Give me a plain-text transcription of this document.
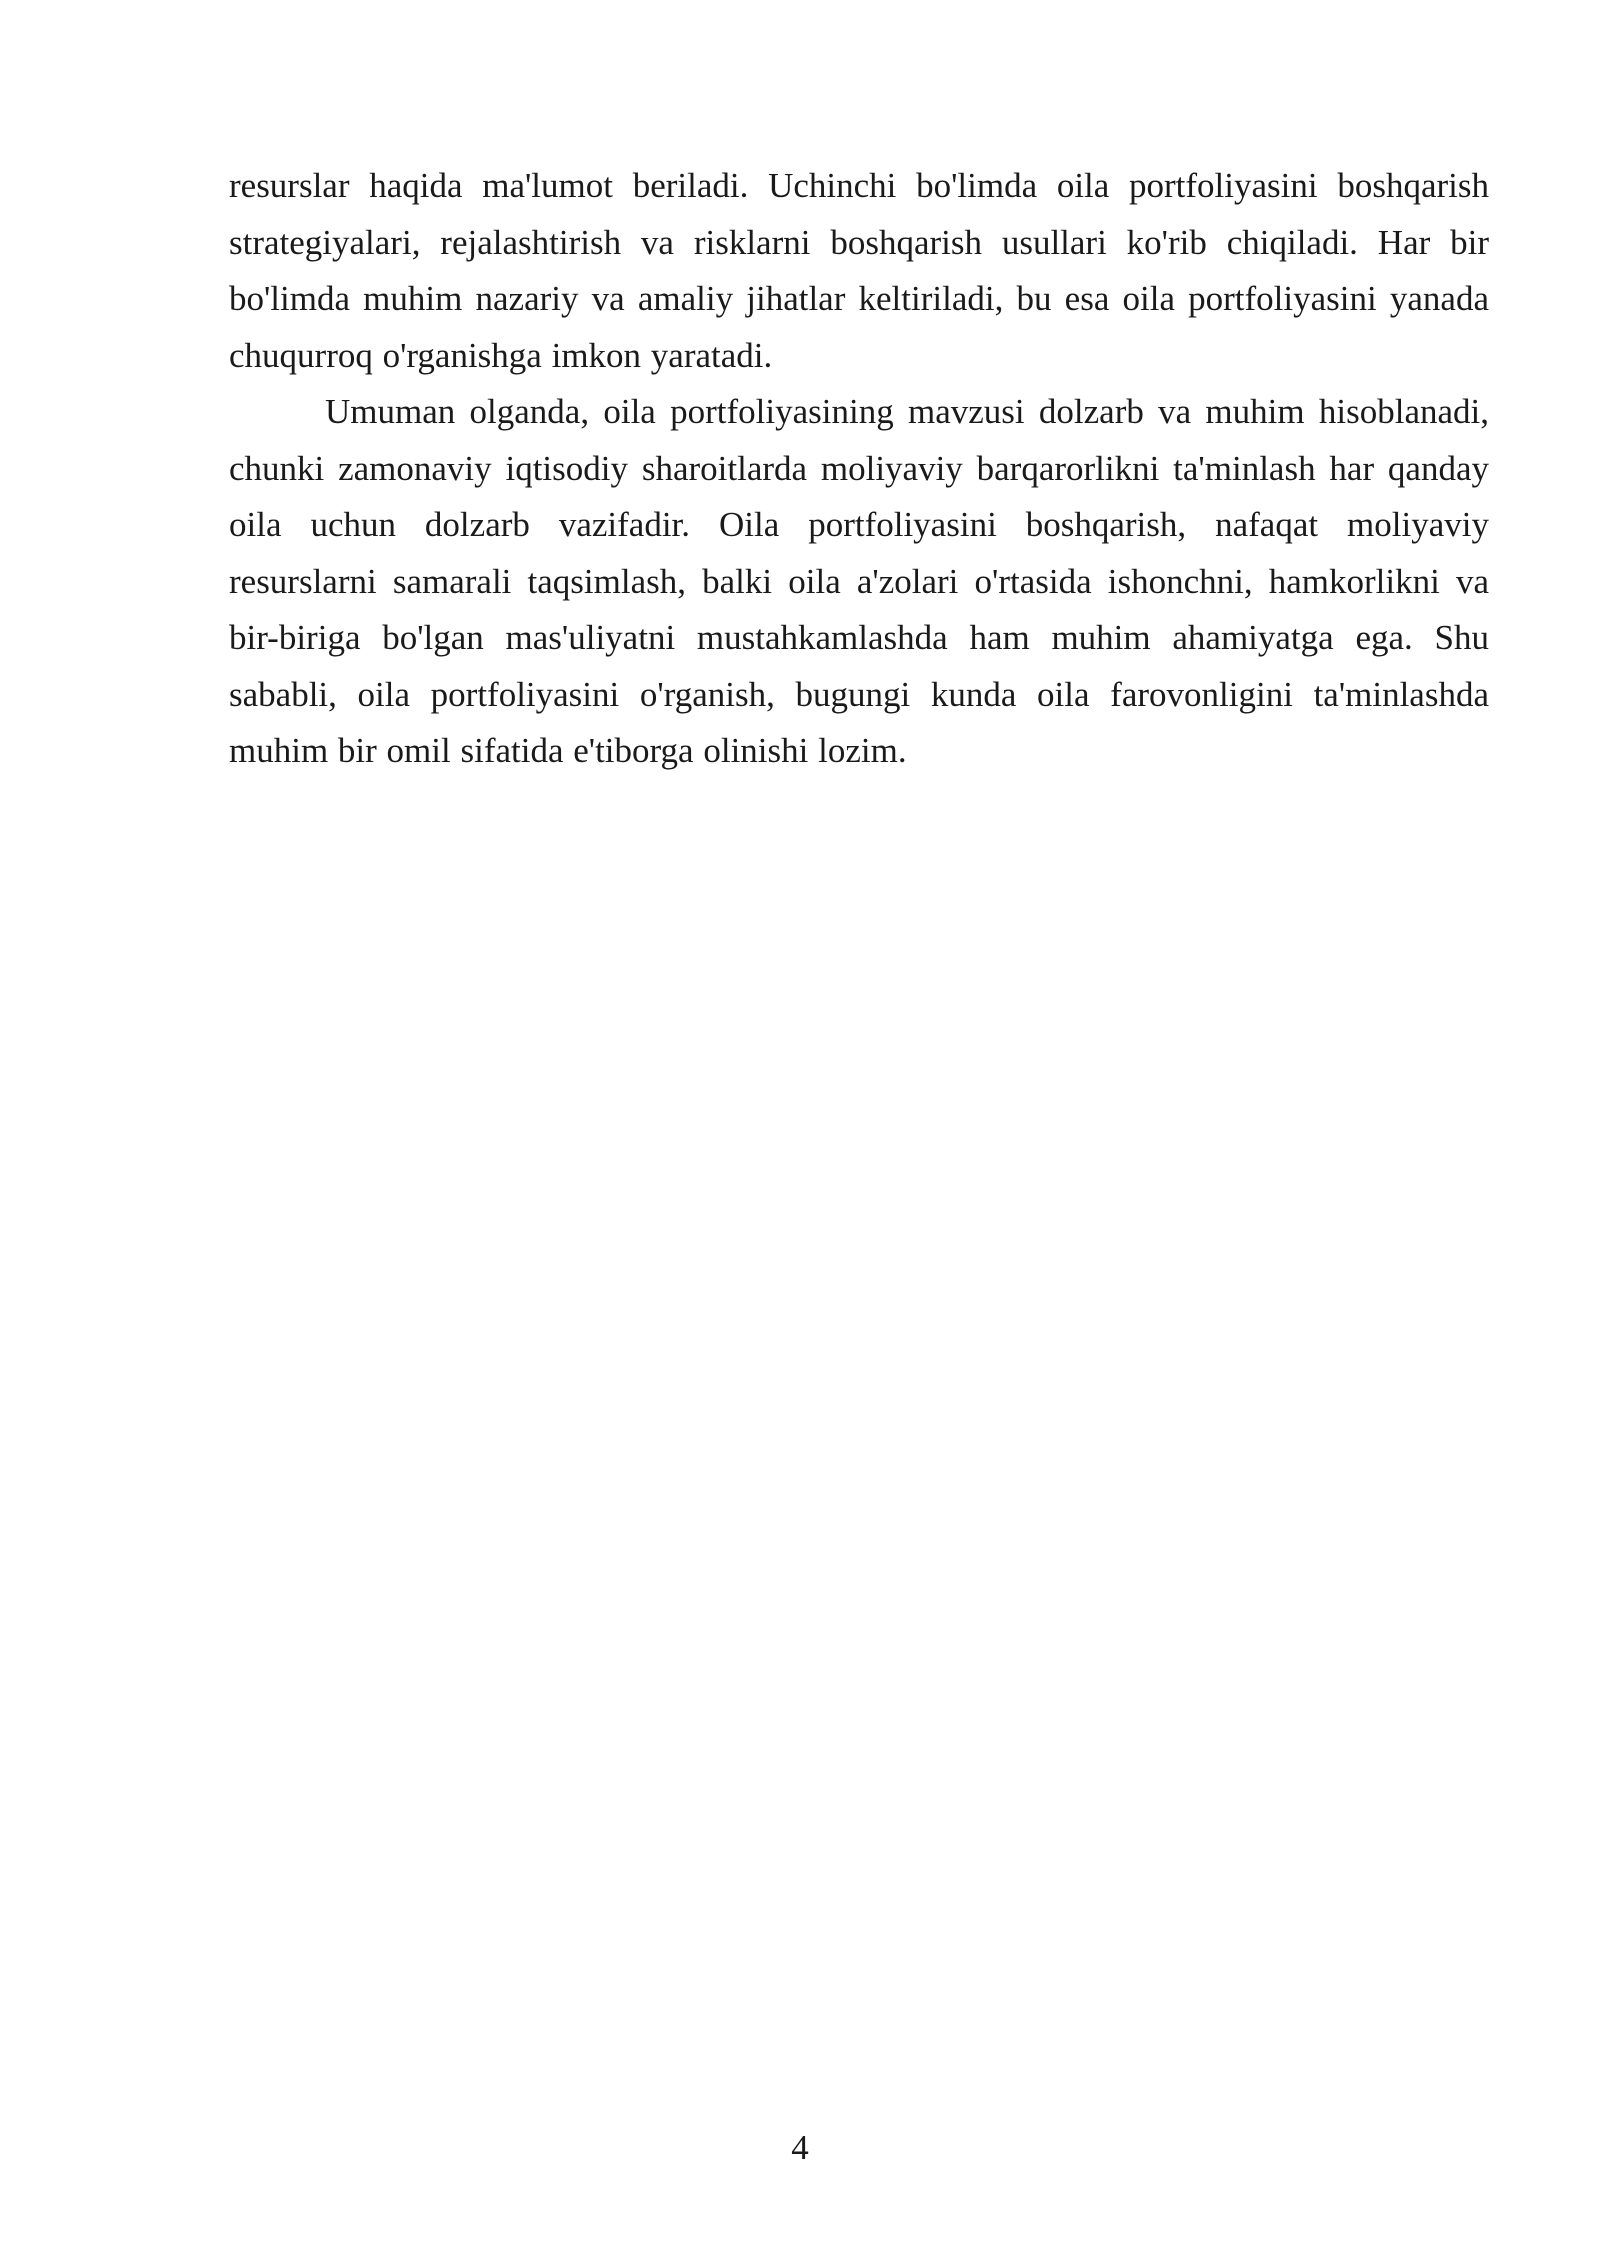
resurslar haqida ma'lumot beriladi. Uchinchi bo'limda oila portfoliyasini boshqarish strategiyalari, rejalashtirish va risklarni boshqarish usullari ko'rib chiqiladi. Har bir bo'limda muhim nazariy va amaliy jihatlar keltiriladi, bu esa oila portfoliyasini yanada chuqurroq o'rganishga imkon yaratadi.

Umuman olganda, oila portfoliyasining mavzusi dolzarb va muhim hisoblanadi, chunki zamonaviy iqtisodiy sharoitlarda moliyaviy barqarorlikni ta'minlash har qanday oila uchun dolzarb vazifadir. Oila portfoliyasini boshqarish, nafaqat moliyaviy resurslarni samarali taqsimlash, balki oila a'zolari o'rtasida ishonchni, hamkorlikni va bir-biriga bo'lgan mas'uliyatni mustahkamlashda ham muhim ahamiyatga ega. Shu sababli, oila portfoliyasini o'rganish, bugungi kunda oila farovonligini ta'minlashda muhim bir omil sifatida e'tiborga olinishi lozim.

4
